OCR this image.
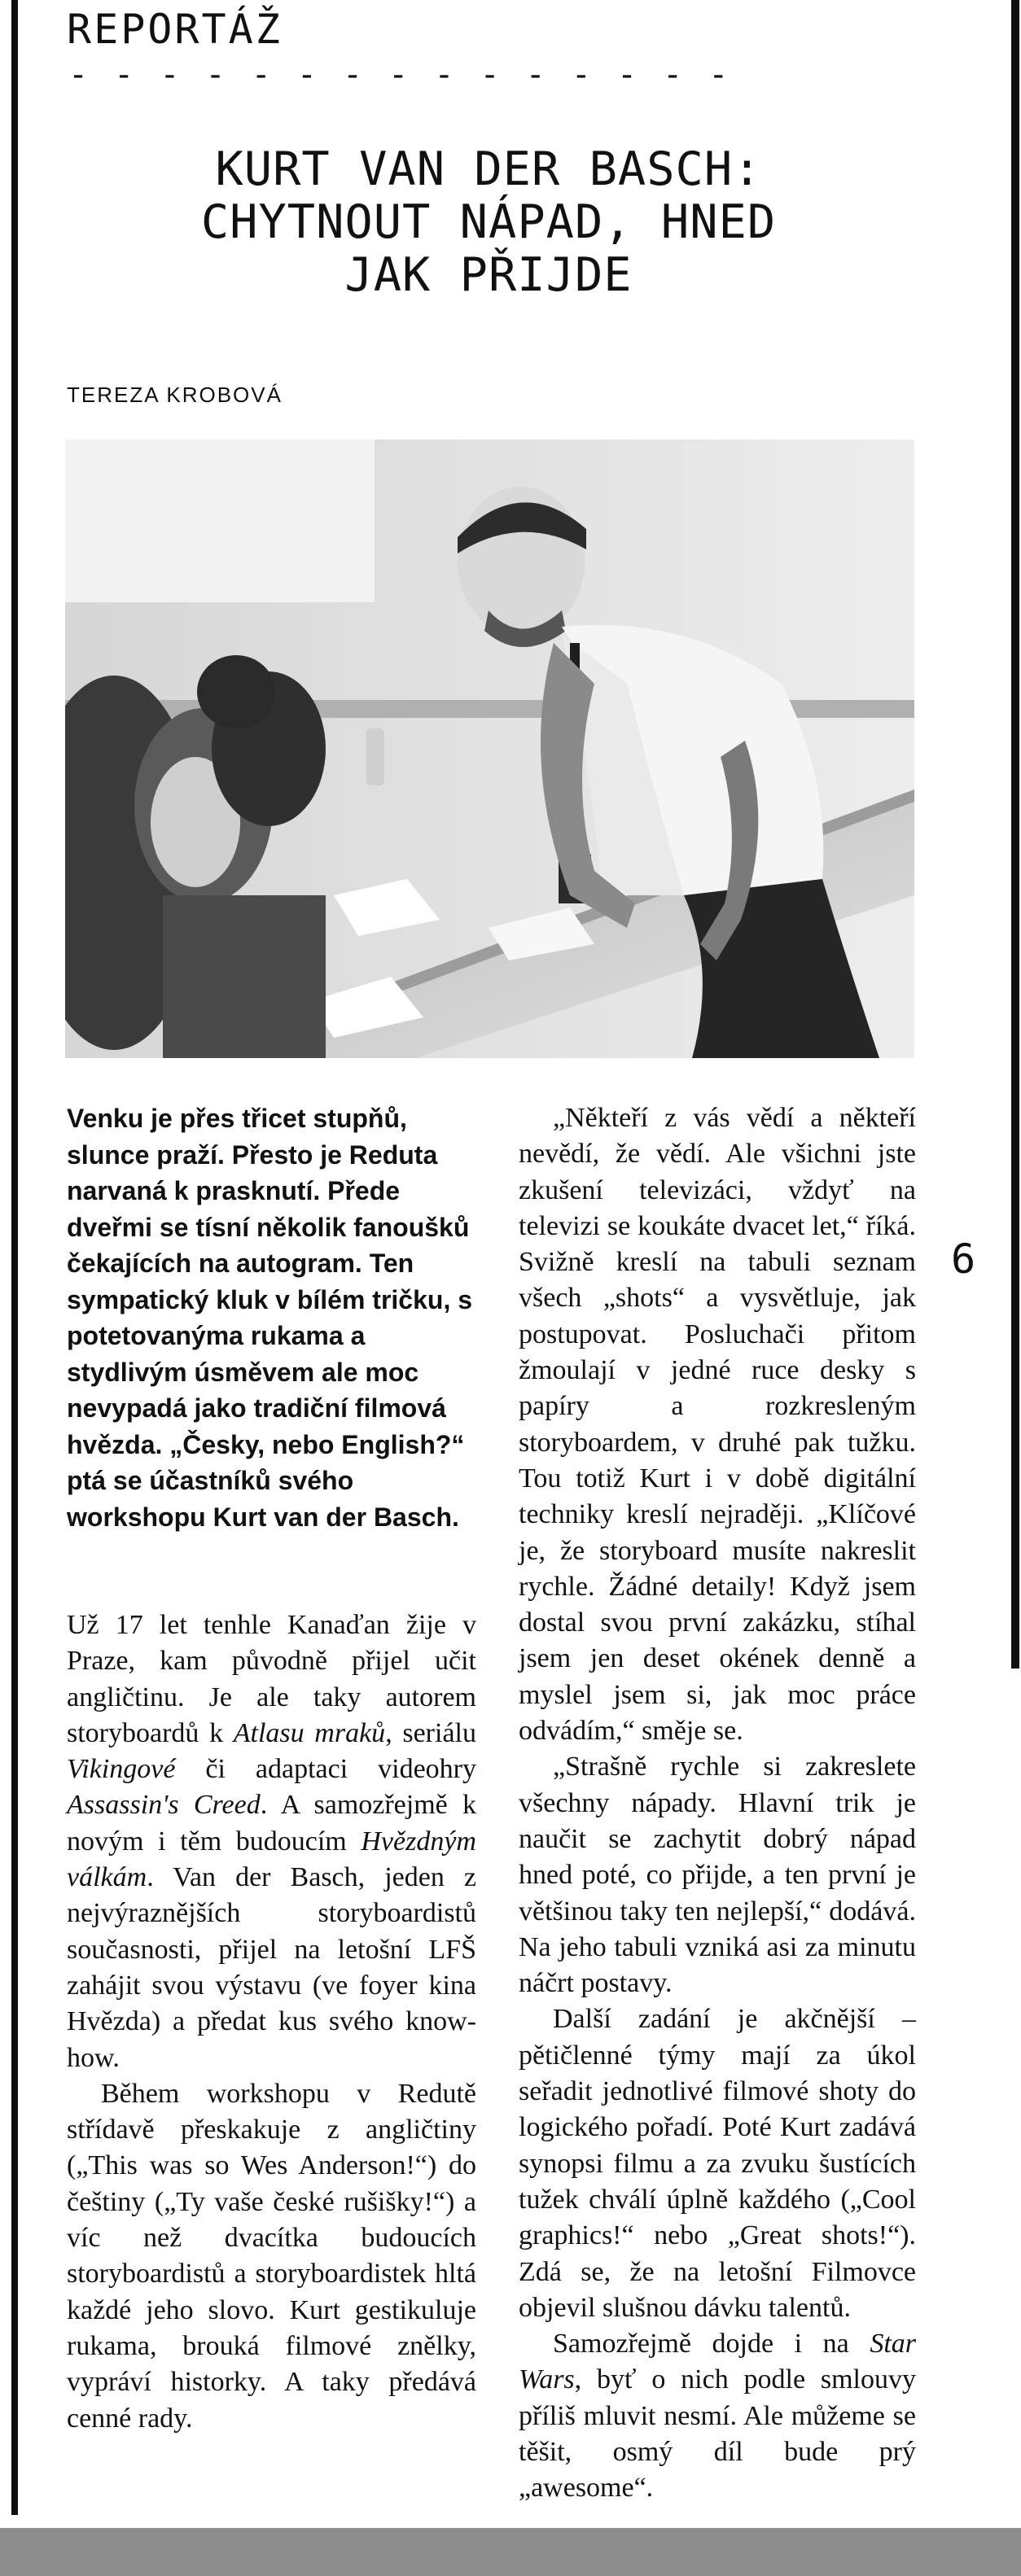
REPORTÁŽ
- - - - - - - - - - - - - - -
KURT VAN DER BASCH:
CHYTNOUT NÁPAD, HNED
JAK PŘIJDE
TEREZA KROBOVÁ
6
Venku je přes třicet stupňů, slunce praží. Přesto je Reduta narvaná k prasknutí. Přede dveřmi se tísní několik fanoušků čekajících na autogram. Ten sympatický kluk v bílém tričku, s potetovanýma rukama a stydlivým úsměvem ale moc nevypadá jako tradiční filmová hvězda. „Česky, nebo English?“ ptá se účastníků svého workshopu Kurt van der Basch.

Už 17 let tenhle Kanaďan žije v Praze, kam původně přijel učit angličtinu. Je ale taky autorem storyboardů k Atlasu mraků, seriálu Vikingové či adaptaci videohry Assassin's Creed. A samozřejmě k novým i těm budoucím Hvězdným válkám. Van der Basch, jeden z nejvýraznějších storyboardistů současnosti, přijel na letošní LFŠ zahájit svou výstavu (ve foyer kina Hvězda) a předat kus svého know-how.

Během workshopu v Redutě střídavě přeskakuje z angličtiny („This was so Wes Anderson!“) do češtiny („Ty vaše české rušišky!“) a víc než dvacítka budoucích storyboardistů a storyboardistek hltá každé jeho slovo. Kurt gestikuluje rukama, brouká filmové znělky, vypráví historky. A taky předává cenné rady.

„Někteří z vás vědí a někteří nevědí, že vědí. Ale všichni jste zkušení televizáci, vždyť na televizi se koukáte dvacet let,“ říká. Svižně kreslí na tabuli seznam všech „shots“ a vysvětluje, jak postupovat. Posluchači přitom žmoulají v jedné ruce desky s papíry a rozkresleným storyboardem, v druhé pak tužku. Tou totiž Kurt i v době digitální techniky kreslí nejraději. „Klíčové je, že storyboard musíte nakreslit rychle. Žádné detaily! Když jsem dostal svou první zakázku, stíhal jsem jen deset okének denně a myslel jsem si, jak moc práce odvádím,“ směje se.

„Strašně rychle si zakreslete všechny nápady. Hlavní trik je naučit se zachytit dobrý nápad hned poté, co přijde, a ten první je většinou taky ten nejlepší,“ dodává. Na jeho tabuli vzniká asi za minutu náčrt postavy.

Další zadání je akčnější – pětičlenné týmy mají za úkol seřadit jednotlivé filmové shoty do logického pořadí. Poté Kurt zadává synopsi filmu a za zvuku šustících tužek chválí úplně každého („Cool graphics!“ nebo „Great shots!“). Zdá se, že na letošní Filmovce objevil slušnou dávku talentů.

Samozřejmě dojde i na Star Wars, byť o nich podle smlouvy příliš mluvit nesmí. Ale můžeme se těšit, osmý díl bude prý „awesome“.
